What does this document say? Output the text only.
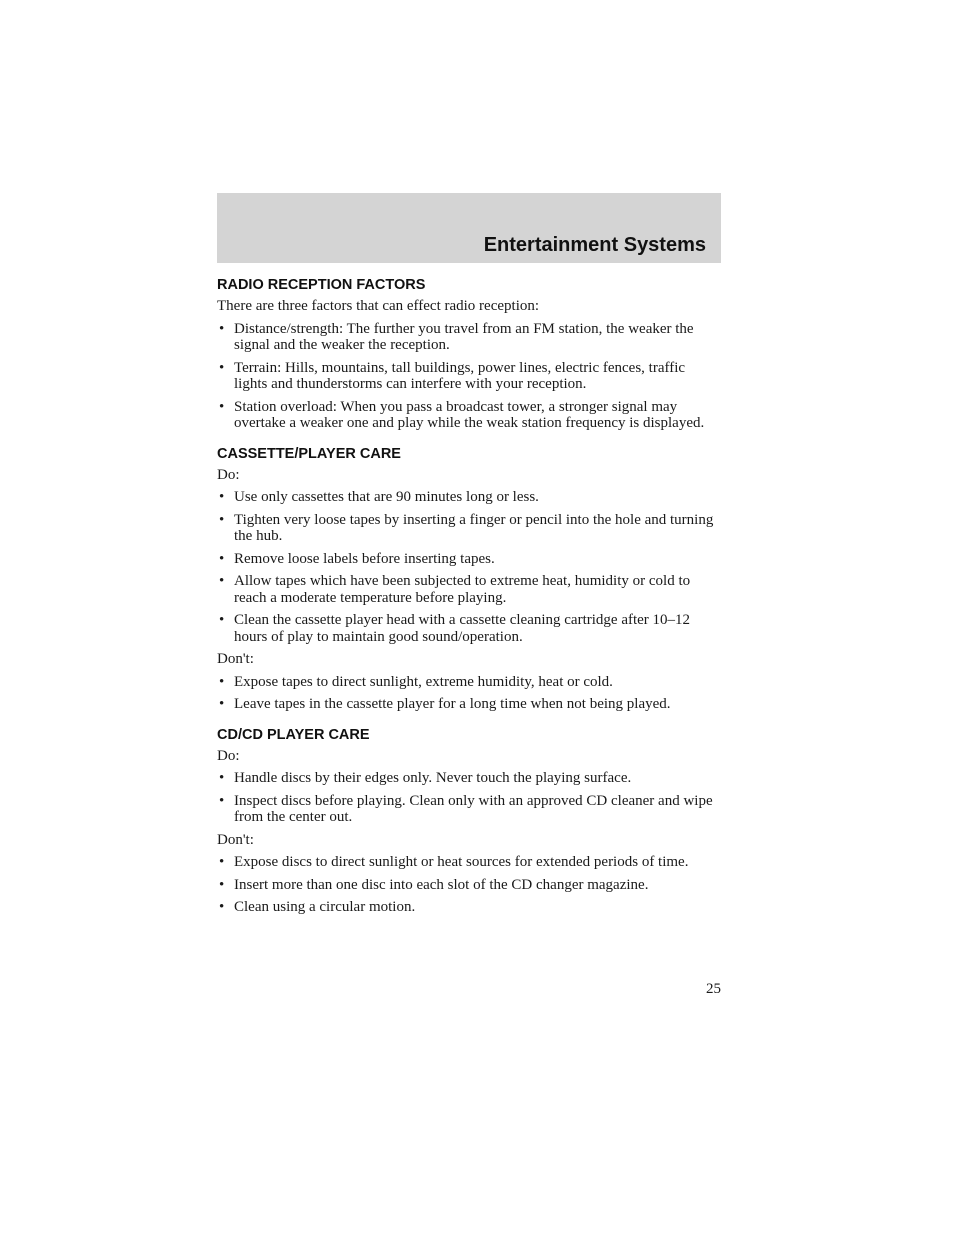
Entertainment Systems
RADIO RECEPTION FACTORS

There are three factors that can effect radio reception:

• Distance/strength: The further you travel from an FM station, the weaker the signal and the weaker the reception.
• Terrain: Hills, mountains, tall buildings, power lines, electric fences, traffic lights and thunderstorms can interfere with your reception.
• Station overload: When you pass a broadcast tower, a stronger signal may overtake a weaker one and play while the weak station frequency is displayed.
CASSETTE/PLAYER CARE

Do:

• Use only cassettes that are 90 minutes long or less.
• Tighten very loose tapes by inserting a finger or pencil into the hole and turning the hub.
• Remove loose labels before inserting tapes.
• Allow tapes which have been subjected to extreme heat, humidity or cold to reach a moderate temperature before playing.
• Clean the cassette player head with a cassette cleaning cartridge after 10–12 hours of play to maintain good sound/operation.

Don't:

• Expose tapes to direct sunlight, extreme humidity, heat or cold.
• Leave tapes in the cassette player for a long time when not being played.
CD/CD PLAYER CARE

Do:

• Handle discs by their edges only. Never touch the playing surface.
• Inspect discs before playing. Clean only with an approved CD cleaner and wipe from the center out.

Don't:

• Expose discs to direct sunlight or heat sources for extended periods of time.
• Insert more than one disc into each slot of the CD changer magazine.
• Clean using a circular motion.
25
